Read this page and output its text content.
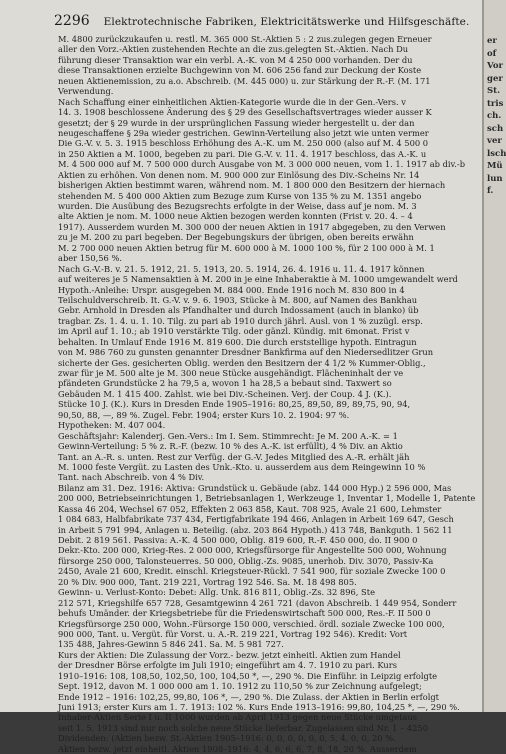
2296 Elektrotechnische Fabriken, Elektricitätswerke und Hilfsgeschäfte.
M. 4800 zurückzukaufen u. restl. M. 365 000 St.-Aktien 5 : 2 zus.zulegen gegen Erneuer
aller den Vorz.-Aktien zustehenden Rechte an die zus.gelegten St.-Aktien. Nach Du
führung dieser Transaktion war ein verbl. A.-K. von M 4 250 000 vorhanden. Der du
diese Transaktionen erzielte Buchgewinn von M. 606 256 fand zur Deckung der Koste
neuen Aktienemission, zu a.o. Abschreib. (M. 445 000) u. zur Stärkung der R.-F. (M. 171
Verwendung.
Nach Schaffung einer einheitlichen Aktien-Kategorie wurde die in der Gen.-Vers. v
14. 3. 1908 beschlossene Änderung des § 29 des Gesellschaftsvertrages wieder ausser K
gesetzt; der § 29 wurde in der ursprünglichen Fassung wieder hergestellt u. der dan
neugeschaffene § 29a wieder gestrichen. Gewinn-Verteilung also jetzt wie unten vermer
Die G.-V. v. 5. 3. 1915 beschloss Erhöhung des A.-K. um M. 250 000 (also auf M. 4 500 0
in 250 Aktien a M. 1000, begeben zu pari. Die G.-V. v. 11. 4. 1917 beschloss, das A.-K. u
M. 4 500 000 auf M. 7 500 000 durch Ausgabe von M. 3 000 000 neuen, vom 1. 1. 1917 ab div.-b
Aktien zu erhöhen. Von denen nom. M. 900 000 zur Einlösung des Div.-Scheins Nr. 14
bisherigen Aktien bestimmt waren, während nom. M. 1 800 000 den Besitzern der hiernach
stehenden M. 5 400 000 Aktien zum Bezuge zum Kurse von 135 % zu M. 1351 angebo
wurden. Die Ausübung des Bezugsrechts erfolgte in der Weise, dass auf je nom. M. 3
alte Aktien je nom. M. 1000 neue Aktien bezogen werden konnten (Frist v. 20. 4. – 4
1917). Ausserdem wurden M. 300 000 der neuen Aktien in 1917 abgegeben, zu den Verwen
zu je M. 200 zu pari begeben. Der Begebungskurs der übrigen, oben bereits erwähn
M. 2 700 000 neuen Aktien betrug für M. 600 000 à M. 1000 100 %, für 2 100 000 à M. 1
aber 150,56 %.
Nach G.-V.-B. v. 21. 5. 1912, 21. 5. 1913, 20. 5. 1914, 26. 4. 1916 u. 11. 4. 1917 können
auf weiteres je 5 Namensaktien à M. 200 in je eine Inhaberaktie à M. 1000 umgewandelt werd
Hypoth.-Anleihe: Urspr. ausgegeben M. 884 000. Ende 1916 noch M. 830 800 in 4
Teilschuldverschreib. It. G.-V. v. 9. 6. 1903, Stücke à M. 800, auf Namen des Bankhau
Gebr. Arnhold in Dresden als Pfandhalter und durch Indossament (auch in blanko) üb
tragbar. Zs. 1. 4. u. 1. 10. Tilg. zu pari ab 1910 durch jährl. Ausl. von 1 % zuzügl. ersp.
im April auf 1. 10.; ab 1910 verstärkte Tilg. oder gänzl. Kündig. mit 6monat. Frist v
behalten. In Umlauf Ende 1916 M. 819 600. Die durch erststellige hypoth. Eintragun
von M. 986 760 zu gunsten genannter Dresdner Bankfirma auf den Niedersedlitzer Grun
sicherte der Ges. gesicherten Oblig. werden den Besitzern der 4 1/2 % Kummer-Oblig.,
zwar für je M. 500 alte je M. 300 neue Stücke ausgehändigt. Flächeninhalt der ve
pfändeten Grundstücke 2 ha 79,5 a, wovon 1 ha 28,5 a bebaut sind. Taxwert so
Gebäuden M. 1 415 400. Zahlst. wie bei Div.-Scheinen. Verj. der Coup. 4 J. (K.).
Stücke 10 J. (K.). Kurs in Dresden Ende 1905–1916: 80,25, 89,50, 89, 89,75, 90, 94,
90,50, 88, —, 89 %. Zugel. Febr. 1904; erster Kurs 10. 2. 1904: 97 %.
Hypotheken: M. 407 004.
Geschäftsjahr: Kalenderj. Gen.-Vers.: Im I. Sem. Stimmrecht: Je M. 200 A.-K. = 1
Gewinn-Verteilung: 5 % z. R.-F. (bezw. 10 % des A.-K. ist erfüllt), 4 % Div. an Aktio
Tant. an A.-R. s. unten. Rest zur Verfüg. der G.-V. Jedes Mitglied des A.-R. erhält jäh
M. 1000 feste Vergüt. zu Lasten des Unk.-Kto. u. ausserdem aus dem Reingewinn 10 %
Tant. nach Abschreib. von 4 % Div.
Bilanz am 31. Dez. 1916: Aktiva: Grundstück u. Gebäude (abz. 144 000 Hyp.) 2 596 000, Mas
200 000, Betriebseinrichtungen 1, Betriebsanlagen 1, Werkzeuge 1, Inventar 1, Modelle 1, Patente
Kassa 46 204, Wechsel 67 052, Effekten 2 063 858, Kaut. 708 925, Avale 21 600, Lehmster
1 084 683, Halbfabrikate 737 434, Fertigfabrikate 194 466, Anlagen in Arbeit 169 647, Gesch
in Arbeit 5 791 994, Anlagen u. Beteilig. (abz. 203 864 Hypoth.) 413 748, Bankguth. 1 562 11
Debit. 2 819 561. Passiva: A.-K. 4 500 000, Oblig. 819 600, R.-F. 450 000, do. II 900 0
Dekr.-Kto. 200 000, Krieg-Res. 2 000 000, Kriegsfürsorge für Angestellte 500 000, Wohnung
fürsorge 250 000, Talonsteuerres. 50 000, Oblig.-Zs. 9085, unerhob. Div. 3070, Passiv-Ka
2450, Avale 21 600, Kredit. einschl. Kriegsteuer-Rückl. 7 541 900, für soziale Zwecke 100 0
20 % Div. 900 000, Tant. 219 221, Vortrag 192 546. Sa. M. 18 498 805.
Gewinn- u. Verlust-Konto: Debet: Allg. Unk. 816 811, Oblig.-Zs. 32 896, Ste
212 571, Kriegshilfe 657 728, Gesamtgewinn 4 261 721 (davon Abschreib. 1 449 954, Sonderr
behufs Umänder. der Kriegsbetriebe für die Friedenswirtschaft 500 000, Res.-F. II 500 0
Kriegsfürsorge 250 000, Wohn.-Fürsorge 150 000, verschied. ördl. soziale Zwecke 100 000,
900 000, Tant. u. Vergüt. für Vorst. u. A.-R. 219 221, Vortrag 192 546). Kredit: Vort
135 488, Jahres-Gewinn 5 846 241. Sa. M. 5 981 727.
Kurs der Aktien: Die Zulassung der Vorz.- bezw. jetzt einheitl. Aktien zum Handel
der Dresdner Börse erfolgte im Juli 1910; eingeführt am 4. 7. 1910 zu pari. Kurs
1910–1916: 108, 108,50, 102,50, 100, 104,50 *, —, 290 %. Die Einführ. in Leipzig erfolgte
Sept. 1912, davon M. 1 000 000 am 1. 10. 1912 zu 110,50 % zur Zeichnung aufgelegt;
Ende 1912 – 1916: 102,25, 99,80, 106 *, —, 290 %. Die Zulass. der Aktien in Berlin erfolgt
Juni 1913; erster Kurs am 1. 7. 1913: 102 %. Kurs Ende 1913–1916: 99,80, 104,25 *, —, 290 %.
Inhaber-Aktien Serie I u. II 1000 wurden ab April 1913 gegen neue Stücke umgetaus
seit 1. 5. 1913 sind nur noch solche neue Stücke lieferbar. Zugelassen sind Nr. 1 – 4250
Dividenden: (Aktien bezw. St.-Aktien 1905–1916: 0, 0, 0, 0, 0, 0, 5, 4, 0, 0, 20 %.
Aktien bezw. jetzt einheitl. Aktien 1908–1916: 4, 4, 6, 6, 6, 7, 8, 18, 20 %. Ausserdem
er
of
Vor
ger
St.
tris
ch.
sch
ver
lsch
Mü
lun
f.
